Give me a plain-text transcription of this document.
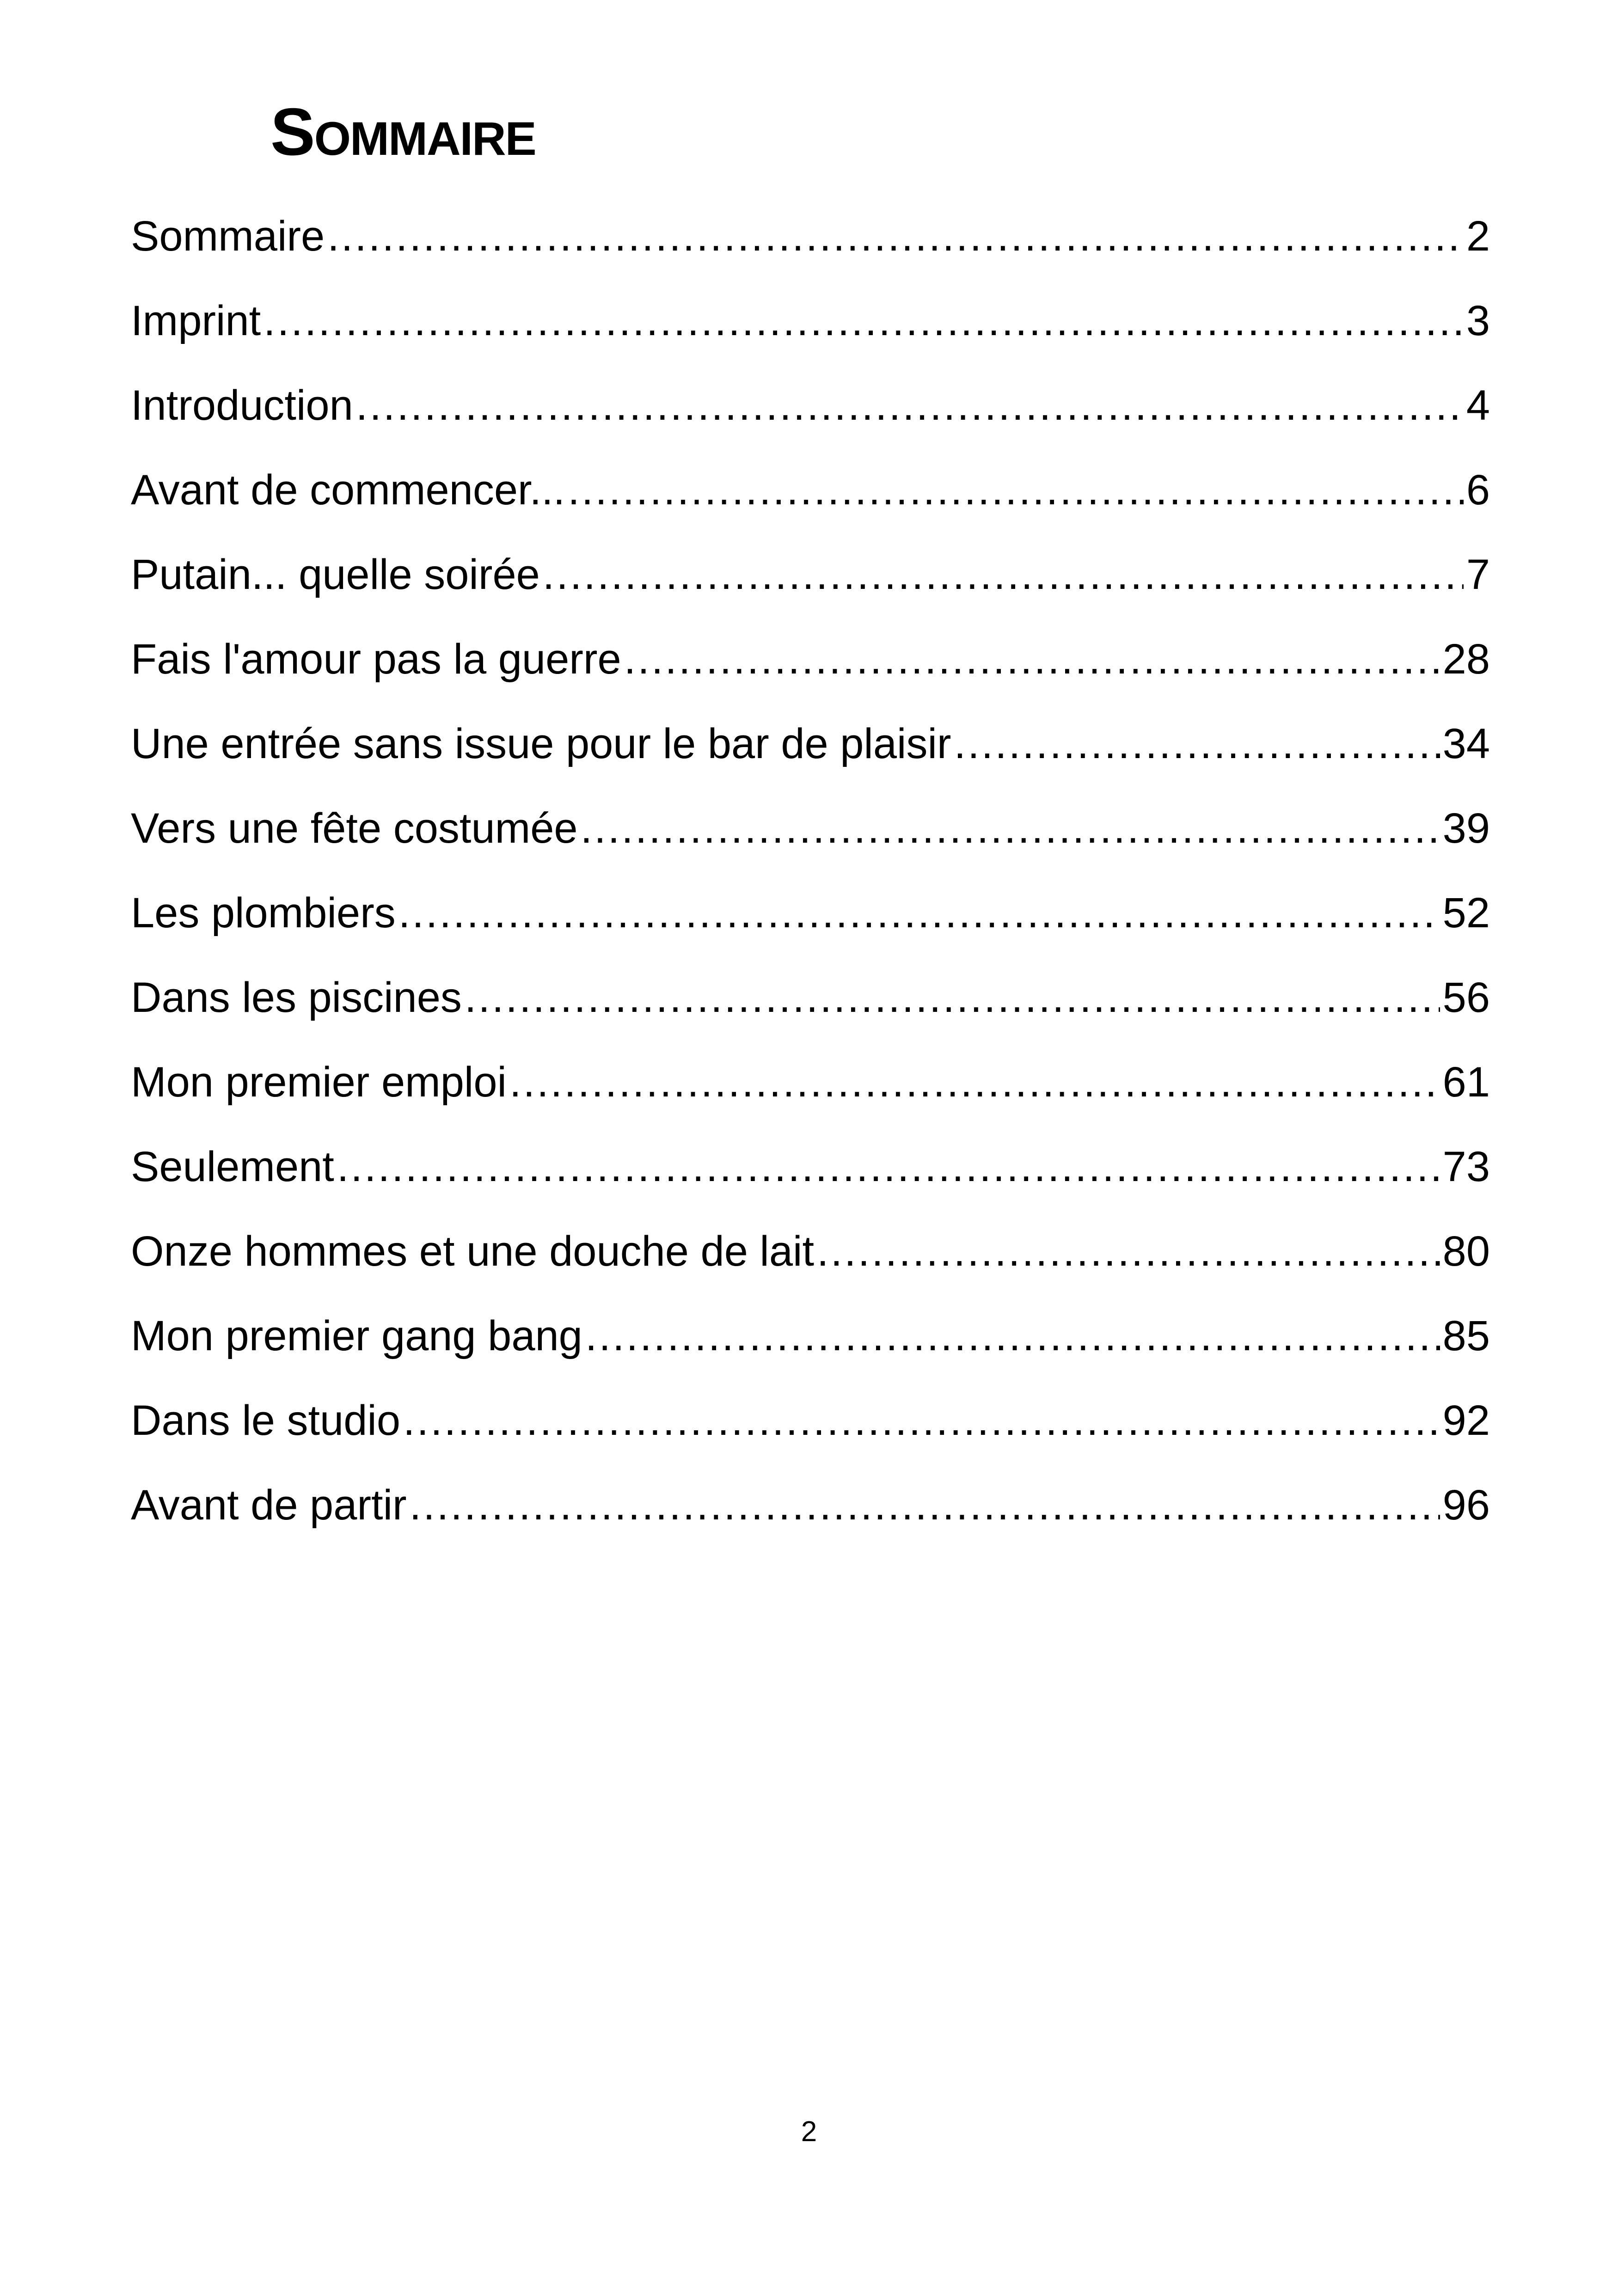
Sommaire
Sommaire .....	2
Imprint .....	3
Introduction .....	4
Avant de commencer... .....	6
Putain... quelle soirée .....	7
Fais l'amour pas la guerre .....	28
Une entrée sans issue pour le bar de plaisir .....	34
Vers une fête costumée .....	39
Les plombiers .....	52
Dans les piscines .....	56
Mon premier emploi .....	61
Seulement .....	73
Onze hommes et une douche de lait .....	80
Mon premier gang bang .....	85
Dans le studio .....	92
Avant de partir .....	96
2
